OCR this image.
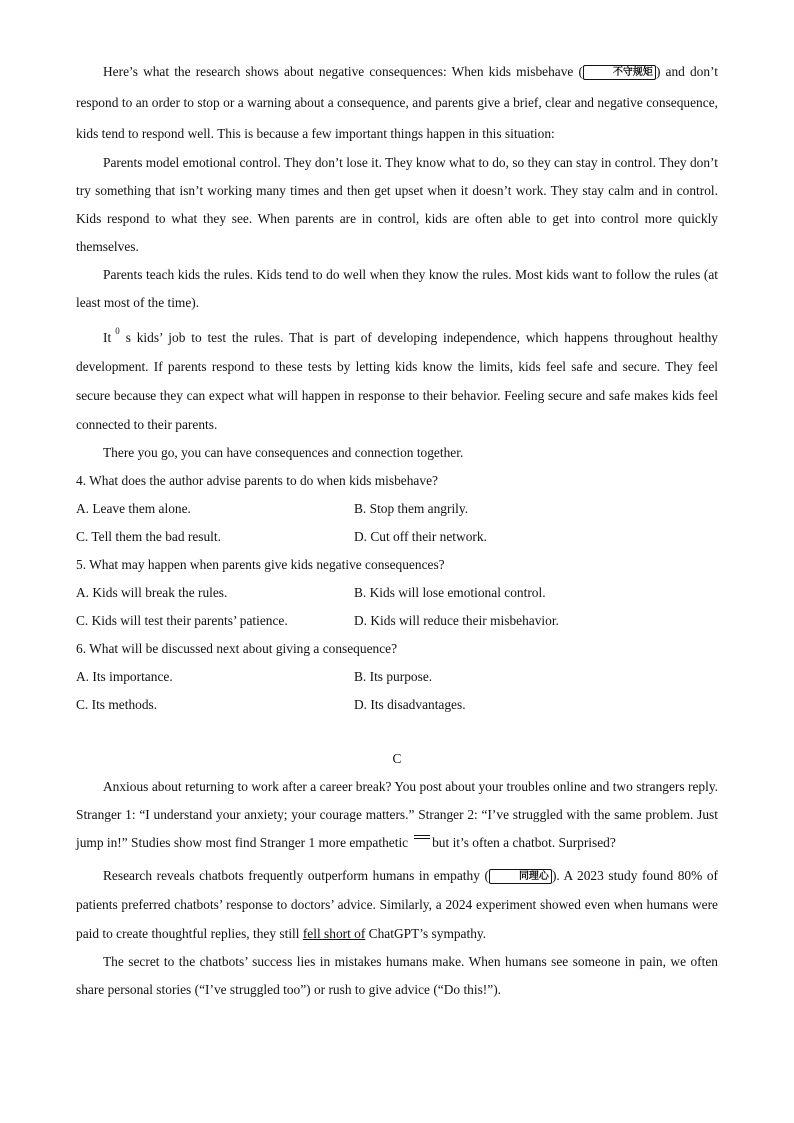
Here’s what the research shows about negative consequences: When kids misbehave (	不守规矩 ) and don’t respond to an order to stop or a warning about a consequence, and parents give a brief, clear and negative consequence, kids tend to respond well. This is because a few important things happen in this situation:

Parents model emotional control. They don’t lose it. They know what to do, so they can stay in control. They don’t try something that isn’t working many times and then get upset when it doesn’t work. They stay calm and in control. Kids respond to what they see. When parents are in control, kids are often able to get into control more quickly themselves.

Parents teach kids the rules. Kids tend to do well when they know the rules. Most kids want to follow the rules (at least most of the time).

It $^0$ s kids’ job to test the rules. That is part of developing independence, which happens throughout healthy development. If parents respond to these tests by letting kids know the limits, kids feel safe and secure. They feel secure because they can expect what will happen in response to their behavior. Feeling secure and safe makes kids feel connected to their parents.

There you go, you can have consequences and connection together.

4. What does the author advise parents to do when kids misbehave?

A. Leave them alone.	B. Stop them angrily.
C. Tell them the bad result.	D. Cut off their network.

5. What may happen when parents give kids negative consequences?

A. Kids will break the rules.	B. Kids will lose emotional control.
C. Kids will test their parents’ patience.	D. Kids will reduce their misbehavior.

6. What will be discussed next about giving a consequence?

A. Its importance.	B. Its purpose.
C. Its methods.	D. Its disadvantages.

C

Anxious about returning to work after a career break? You post about your troubles online and two strangers reply. Stranger 1: “I understand your anxiety; your courage matters.” Stranger 2: “I’ve struggled with the same problem. Just jump in!” Studies show most find Stranger 1 more empathetic but it’s often a chatbot. Surprised?

Research reveals chatbots frequently outperform humans in empathy (	同理心 ). A 2023 study found 80% of patients preferred chatbots’ response to doctors’ advice. Similarly, a 2024 experiment showed even when humans were paid to create thoughtful replies, they still fell short of ChatGPT’s sympathy.

The secret to the chatbots’ success lies in mistakes humans make. When humans see someone in pain, we often share personal stories (“I’ve struggled too”) or rush to give advice (“Do this!”).
